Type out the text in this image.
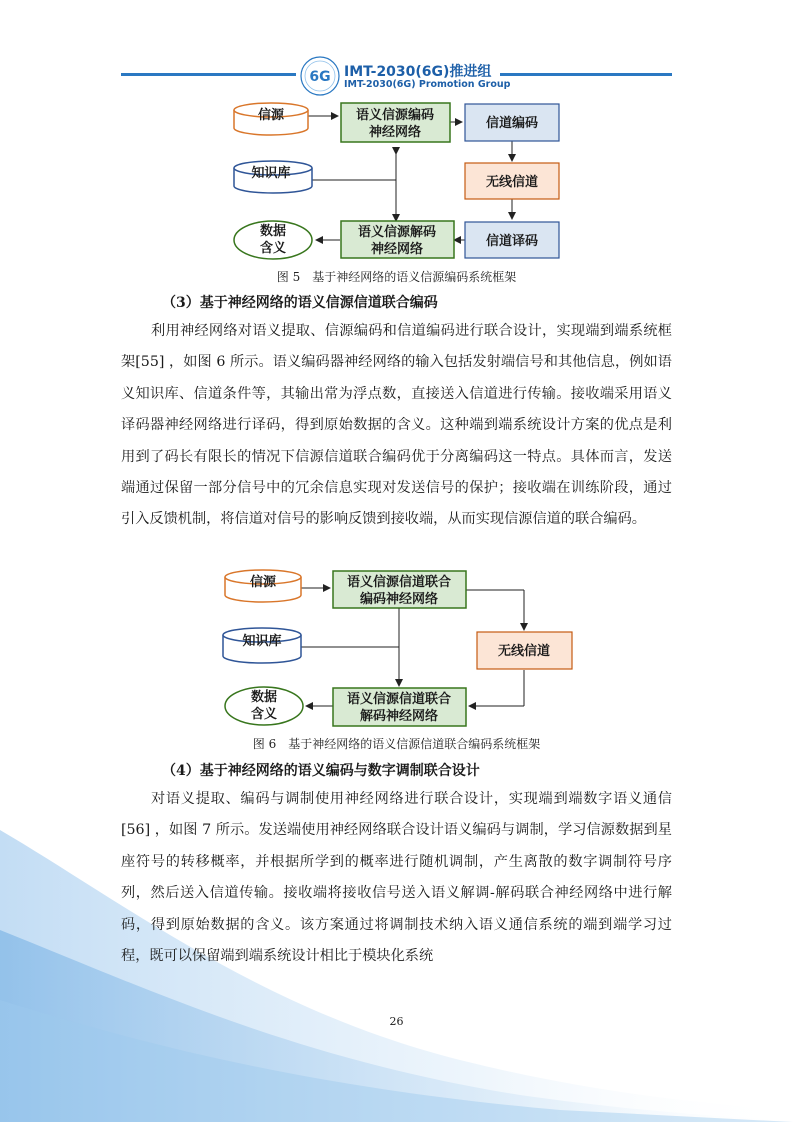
6G IMT-2030(6G)推进组
IMT-2030(6G) Promotion Group
信源	语义信源编码
神经网络
信道编码
知识库
无线信道
数据
含义
语义信源解码
神经网络
信道译码
图 5　基于神经网络的语义信源编码系统框架
（3）基于神经网络的语义信源信道联合编码

利用神经网络对语义提取、信源编码和信道编码进行联合设计，实现端到端系统框架[55] ，如图 6 所示。语义编码器神经网络的输入包括发射端信号和其他信息，例如语义知识库、信道条件等，其输出常为浮点数，直接送入信道进行传输。接收端采用语义译码器神经网络进行译码，得到原始数据的含义。这种端到端系统设计方案的优点是利用到了码长有限长的情况下信源信道联合编码优于分离编码这一特点。具体而言，发送端通过保留一部分信号中的冗余信息实现对发送信号的保护；接收端在训练阶段，通过引入反馈机制，将信道对信号的影响反馈到接收端，从而实现信源信道的联合编码。

信源	语义信源信道联合
编码神经网络
知识库
无线信道
数据
含义
语义信源信道联合
解码神经网络
图 6　基于神经网络的语义信源信道联合编码系统框架
（4）基于神经网络的语义编码与数字调制联合设计

对语义提取、编码与调制使用神经网络进行联合设计，实现端到端数字语义通信[56] ，如图 7 所示。发送端使用神经网络联合设计语义编码与调制，学习信源数据到星座符号的转移概率，并根据所学到的概率进行随机调制，产生离散的数字调制符号序列，然后送入信道传输。接收端将接收信号送入语义解调-解码联合神经网络中进行解码，得到原始数据的含义。该方案通过将调制技术纳入语义通信系统的端到端学习过程，既可以保留端到端系统设计相比于模块化系统

26
